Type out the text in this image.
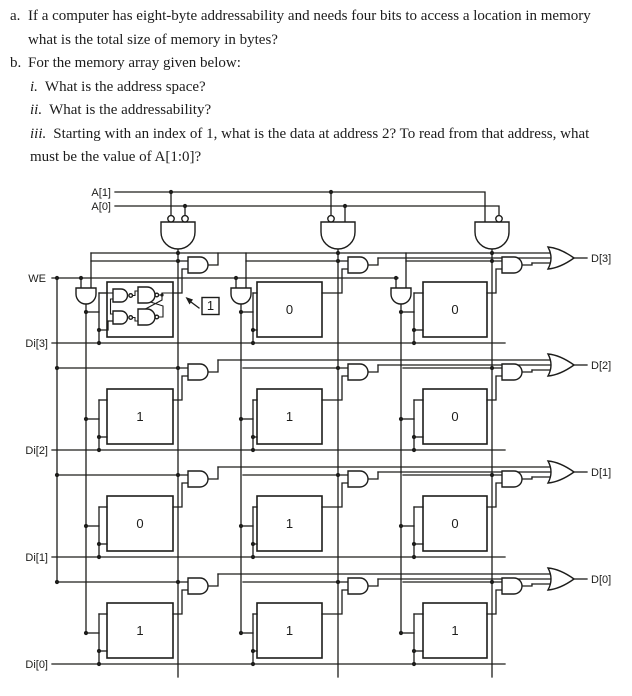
a. If a computer has eight-byte addressability and needs four bits to access a location in memory
what is the total size of memory in bytes?
b. For the memory array given below:
i. What is the address space?
ii. What is the addressability?
iii. Starting with an index of 1, what is the data at address 2? To read from that address, what
must be the value of A[1:0]?
D[3]
0	0
Di[3]
1
D[2]
1	1	0
Di[2]
D[1]
0	1	0
Di[1]
D[0]
1	1	1
Di[0]
A[1]
A[0]
WE
